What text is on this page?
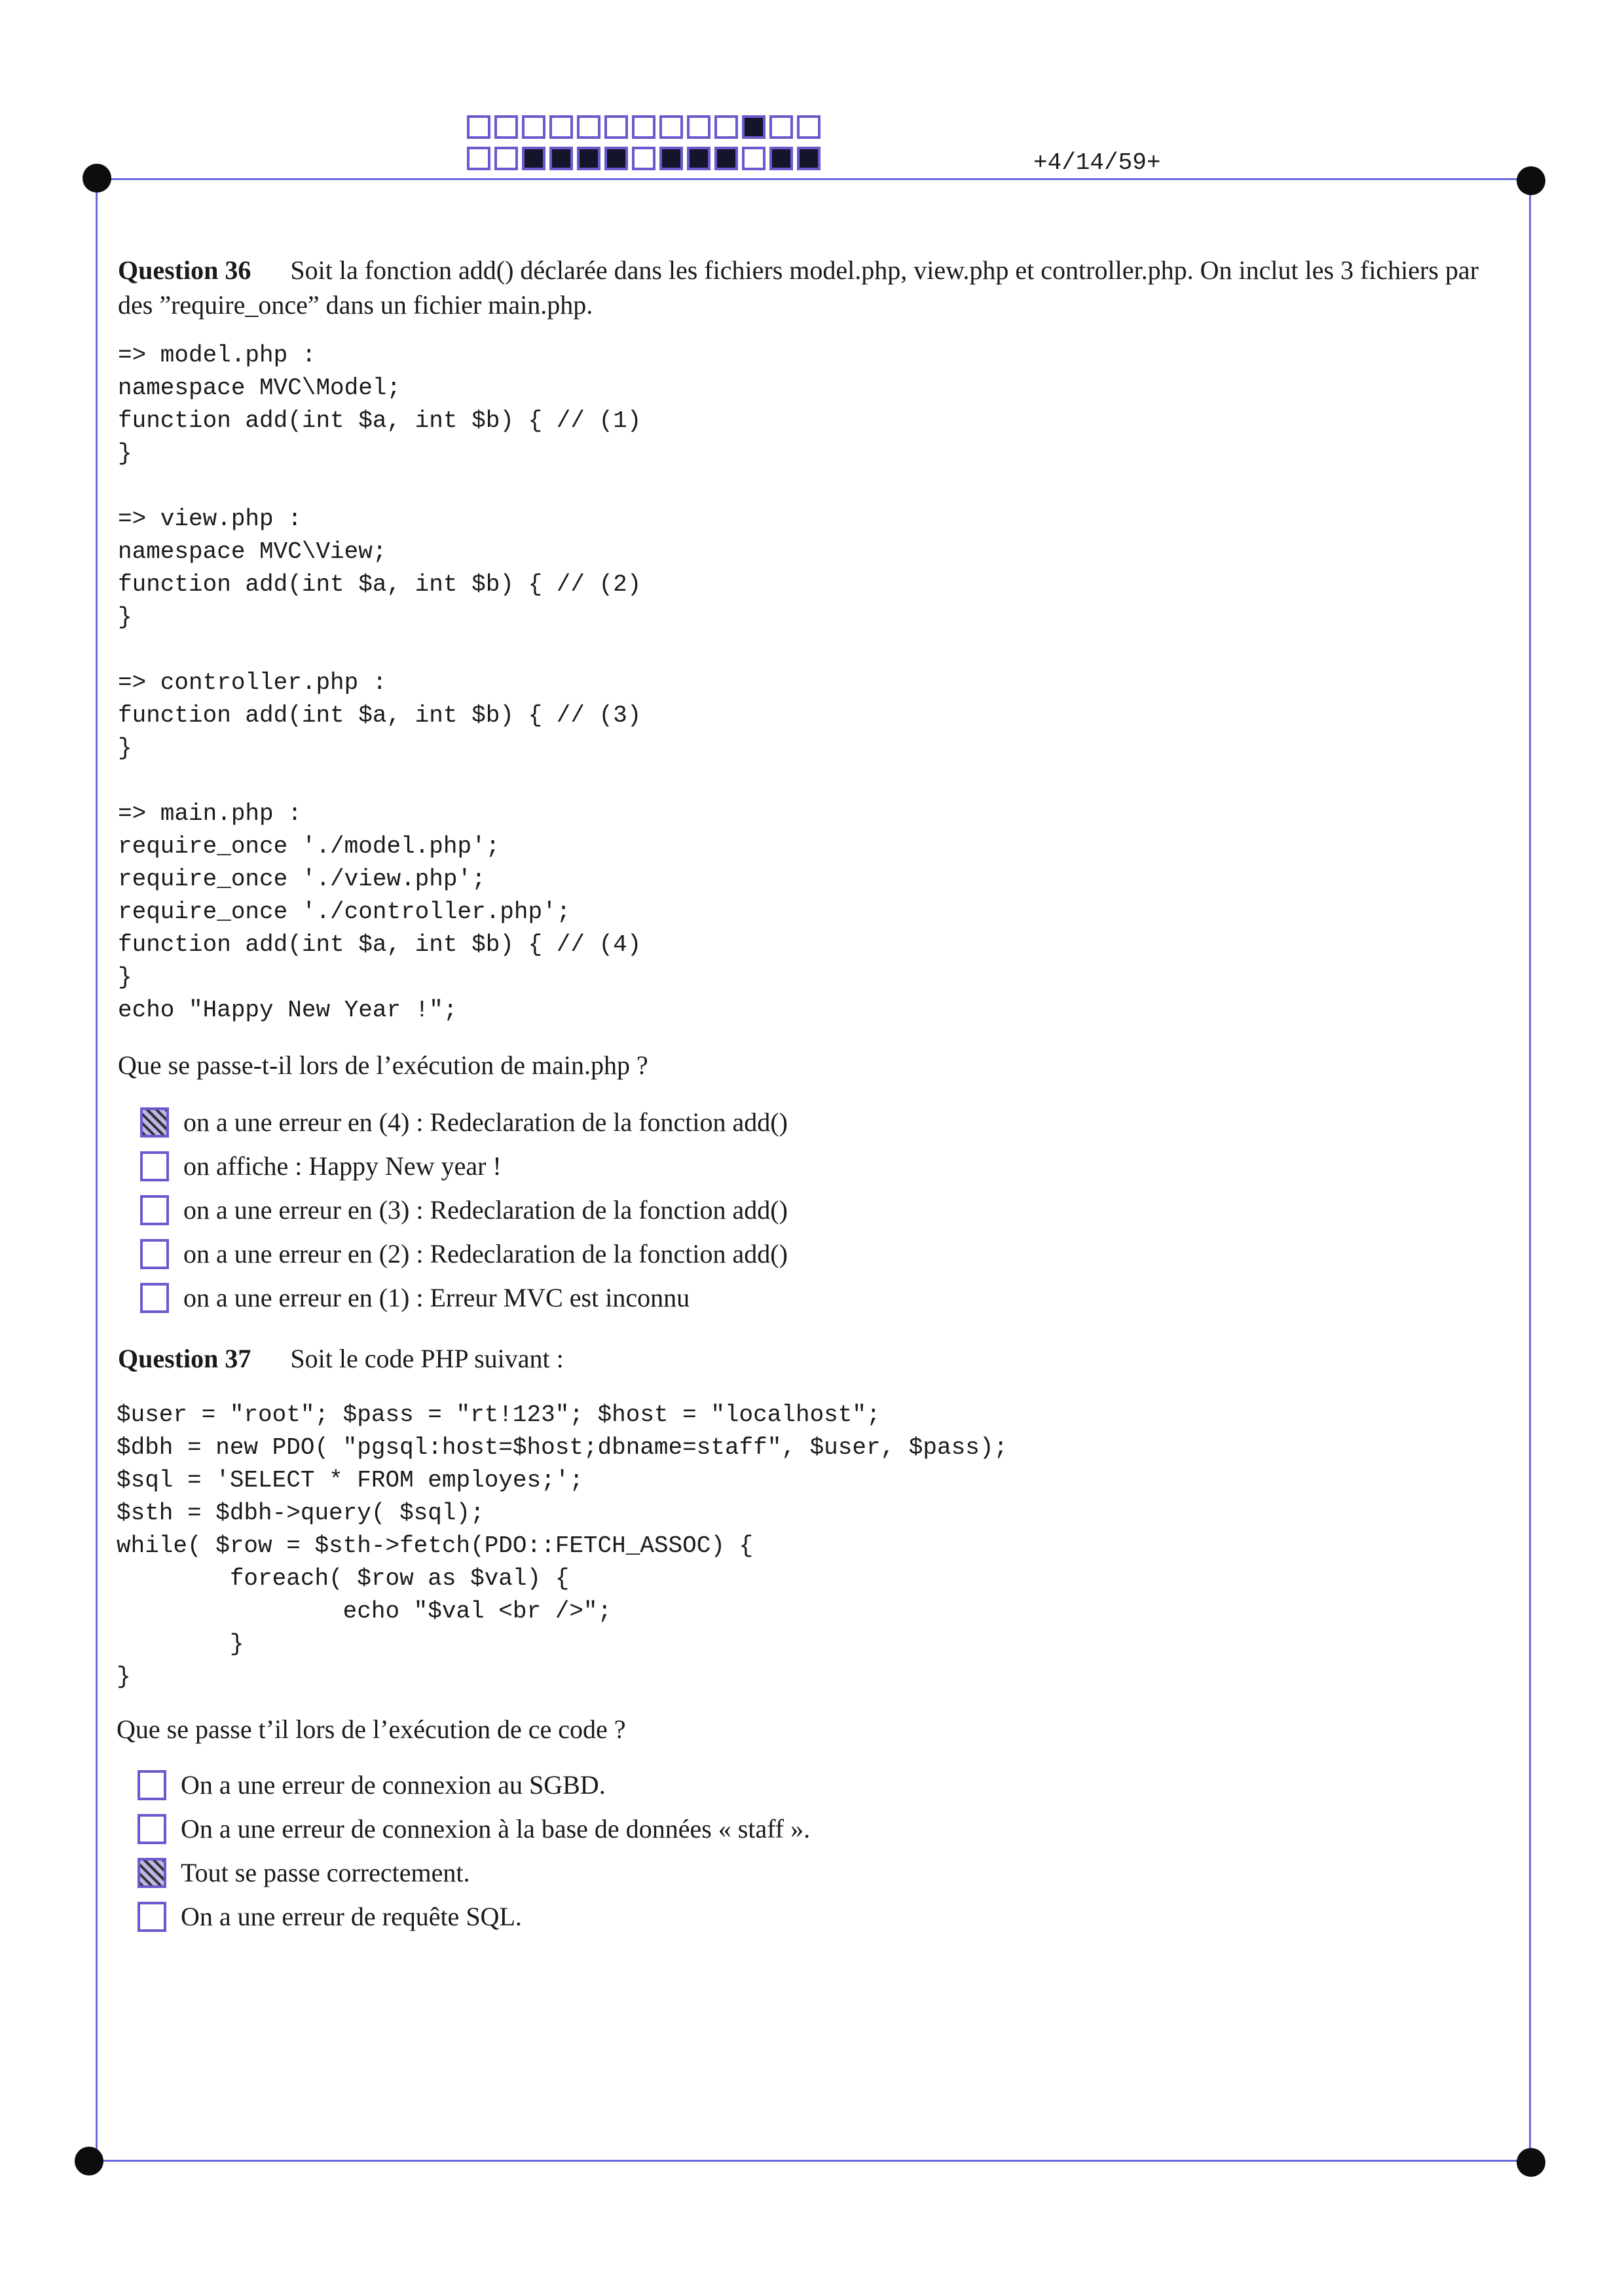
+4/14/59+

Question 36 Soit la fonction add() déclarée dans les fichiers model.php, view.php et controller.php. On inclut les 3 fichiers par des ”require_once” dans un fichier main.php.

=> model.php :
namespace MVC\Model;
function add(int $a, int $b) { // (1)
}

=> view.php :
namespace MVC\View;
function add(int $a, int $b) { // (2)
}

=> controller.php :
function add(int $a, int $b) { // (3)
}

=> main.php :
require_once './model.php';
require_once './view.php';
require_once './controller.php';
function add(int $a, int $b) { // (4)
}
echo "Happy New Year !";

Que se passe-t-il lors de l’exécution de main.php ?

on a une erreur en (4) : Redeclaration de la fonction add()
on affiche : Happy New year !
on a une erreur en (3) : Redeclaration de la fonction add()
on a une erreur en (2) : Redeclaration de la fonction add()
on a une erreur en (1) : Erreur MVC est inconnu

Question 37 Soit le code PHP suivant :

$user = "root"; $pass = "rt!123"; $host = "localhost";
$dbh = new PDO( "pgsql:host=$host;dbname=staff", $user, $pass);
$sql = 'SELECT * FROM employes;';
$sth = $dbh->query( $sql);
while( $row = $sth->fetch(PDO::FETCH_ASSOC) {
foreach( $row as $val) {
echo "$val <br />";
}
}

Que se passe t’il lors de l’exécution de ce code ?

On a une erreur de connexion au SGBD.
On a une erreur de connexion à la base de données « staff ».
Tout se passe correctement.
On a une erreur de requête SQL.
